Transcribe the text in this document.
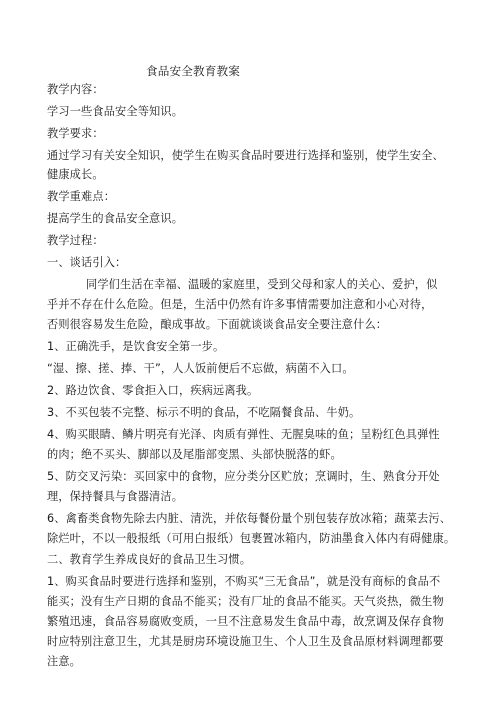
食品安全教育教案
教学内容：
学习一些食品安全等知识。
教学要求：
通过学习有关安全知识，使学生在购买食品时要进行选择和鉴别，使学生安全、
健康成长。
教学重难点：
提高学生的食品安全意识。
教学过程：
一、谈话引入：
同学们生活在幸福、温暖的家庭里，受到父母和家人的关心、爱护，似
乎并不存在什么危险。但是，生活中仍然有许多事情需要加注意和小心对待，
否则很容易发生危险，酿成事故。下面就谈谈食品安全要注意什么：
1、正确洗手，是饮食安全第一步。
“湿、擦、搓、捧、干”，人人饭前便后不忘做，病菌不入口。
2、路边饮食、零食拒入口，疾病远离我。
3、不买包装不完整、标示不明的食品，不吃隔餐食品、牛奶。
4、购买眼睛、鳞片明亮有光泽、肉质有弹性、无腥臭味的鱼；呈粉红色具弹性
的肉；绝不买头、脚部以及尾脂部变黑、头部快脱落的虾。
5、防交叉污染：买回家中的食物，应分类分区贮放；烹调时，生、熟食分开处
理，保持餐具与食器清洁。
6、禽畜类食物先除去内脏、清洗，并依每餐份量个别包装存放冰箱；蔬菜去污、
除烂叶，不以一般报纸（可用白报纸）包裹置冰箱内，防油墨食入体内有碍健康。
二、教育学生养成良好的食品卫生习惯。
1、购买食品时要进行选择和鉴别，不购买“三无食品”，就是没有商标的食品不
能买；没有生产日期的食品不能买；没有厂址的食品不能买。天气炎热，微生物
繁殖迅速，食品容易腐败变质，一旦不注意易发生食品中毒，故烹调及保存食物
时应特别注意卫生，尤其是厨房环境设施卫生、个人卫生及食品原材料调理都要
注意。
